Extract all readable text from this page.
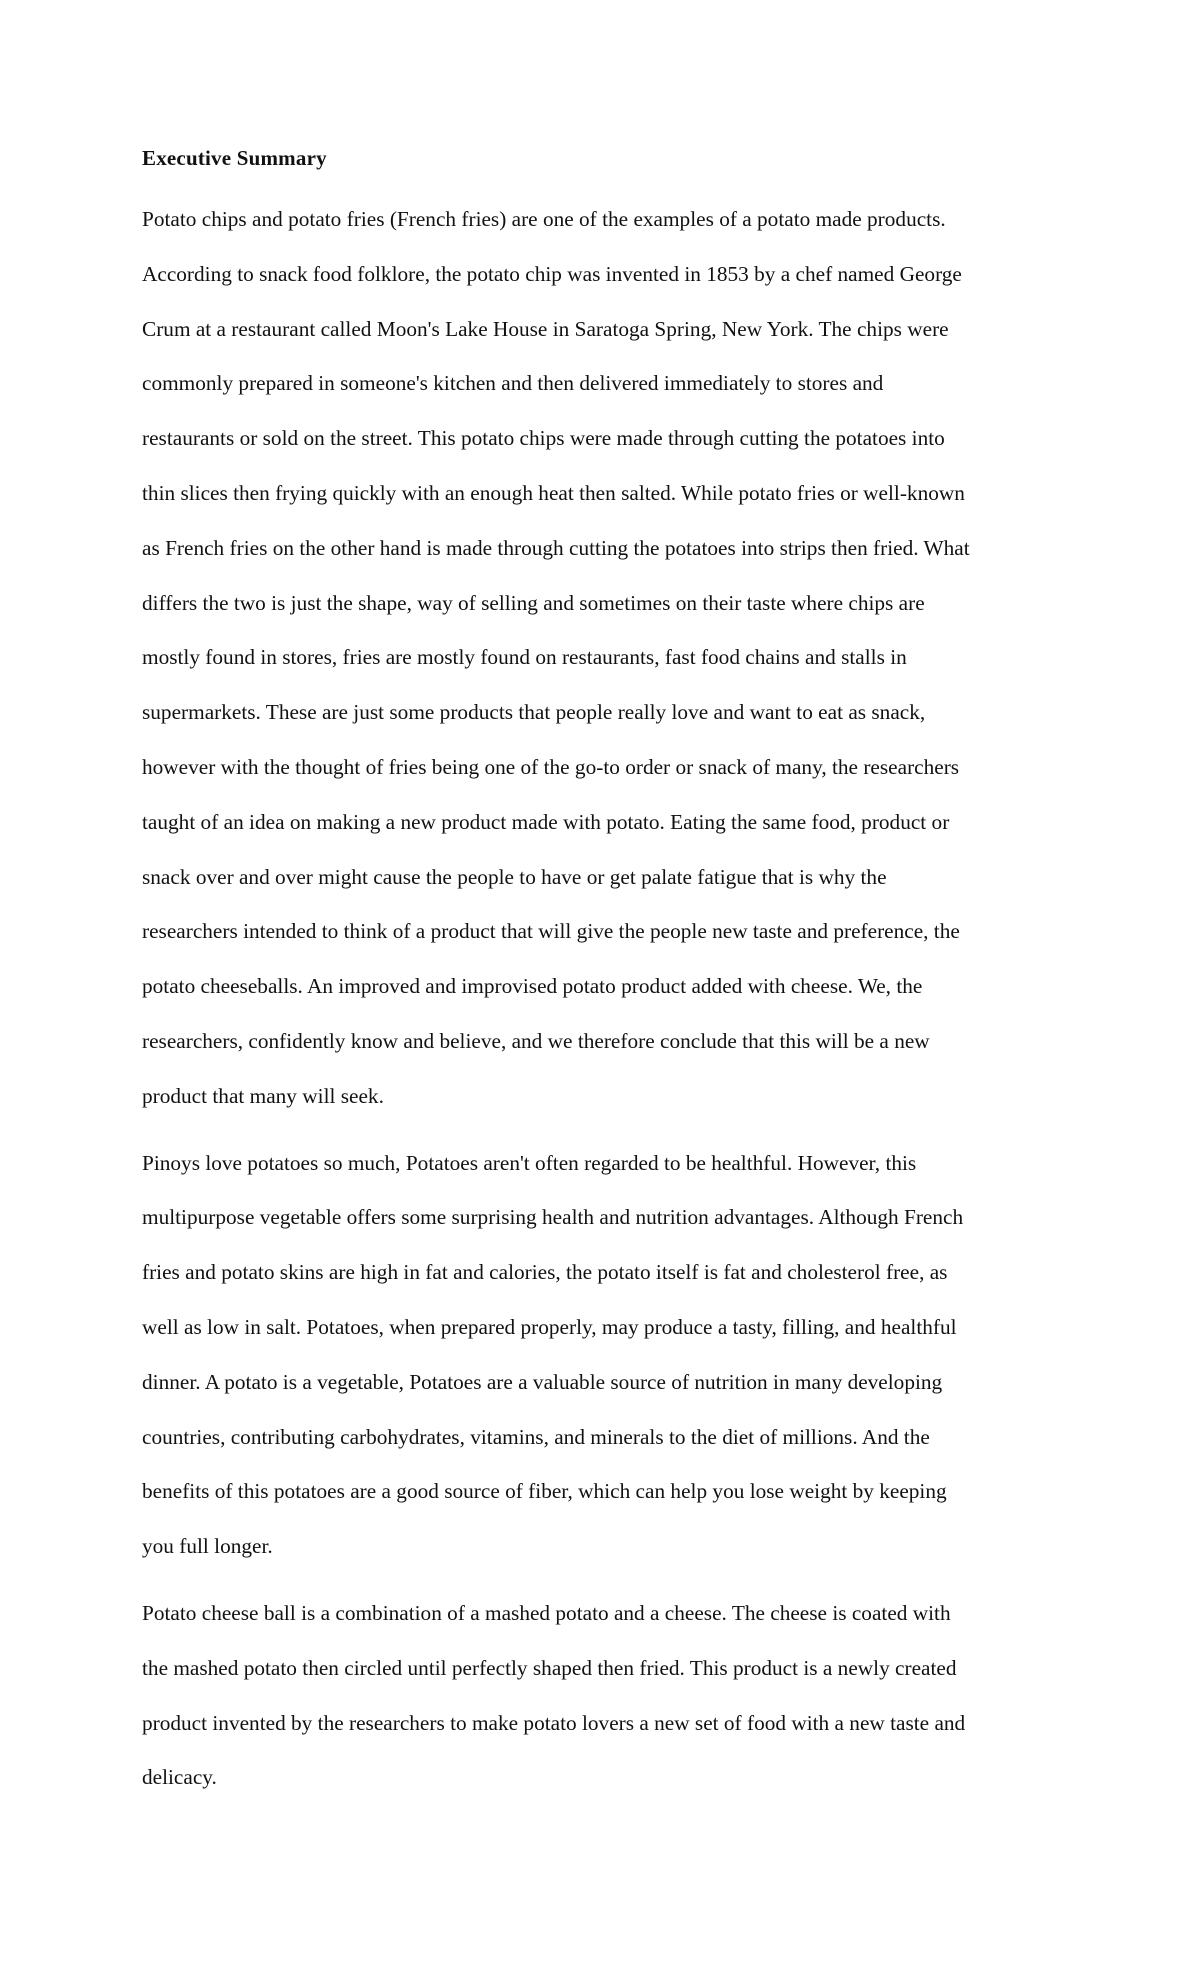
Executive Summary
Potato chips and potato fries (French fries) are one of the examples of a potato made products.
According to snack food folklore, the potato chip was invented in 1853 by a chef named George
Crum at a restaurant called Moon's Lake House in Saratoga Spring, New York. The chips were
commonly prepared in someone's kitchen and then delivered immediately to stores and
restaurants or sold on the street. This potato chips were made through cutting the potatoes into
thin slices then frying quickly with an enough heat then salted. While potato fries or well-known
as French fries on the other hand is made through cutting the potatoes into strips then fried. What
differs the two is just the shape, way of selling and sometimes on their taste where chips are
mostly found in stores, fries are mostly found on restaurants, fast food chains and stalls in
supermarkets. These are just some products that people really love and want to eat as snack,
however with the thought of fries being one of the go-to order or snack of many, the researchers
taught of an idea on making a new product made with potato. Eating the same food, product or
snack over and over might cause the people to have or get palate fatigue that is why the
researchers intended to think of a product that will give the people new taste and preference, the
potato cheeseballs. An improved and improvised potato product added with cheese. We, the
researchers, confidently know and believe, and we therefore conclude that this will be a new
product that many will seek.
Pinoys love potatoes so much, Potatoes aren't often regarded to be healthful. However, this
multipurpose vegetable offers some surprising health and nutrition advantages. Although French
fries and potato skins are high in fat and calories, the potato itself is fat and cholesterol free, as
well as low in salt. Potatoes, when prepared properly, may produce a tasty, filling, and healthful
dinner. A potato is a vegetable, Potatoes are a valuable source of nutrition in many developing
countries, contributing carbohydrates, vitamins, and minerals to the diet of millions. And the
benefits of this potatoes are a good source of fiber, which can help you lose weight by keeping
you full longer.
Potato cheese ball is a combination of a mashed potato and a cheese. The cheese is coated with
the mashed potato then circled until perfectly shaped then fried. This product is a newly created
product invented by the researchers to make potato lovers a new set of food with a new taste and
delicacy.
